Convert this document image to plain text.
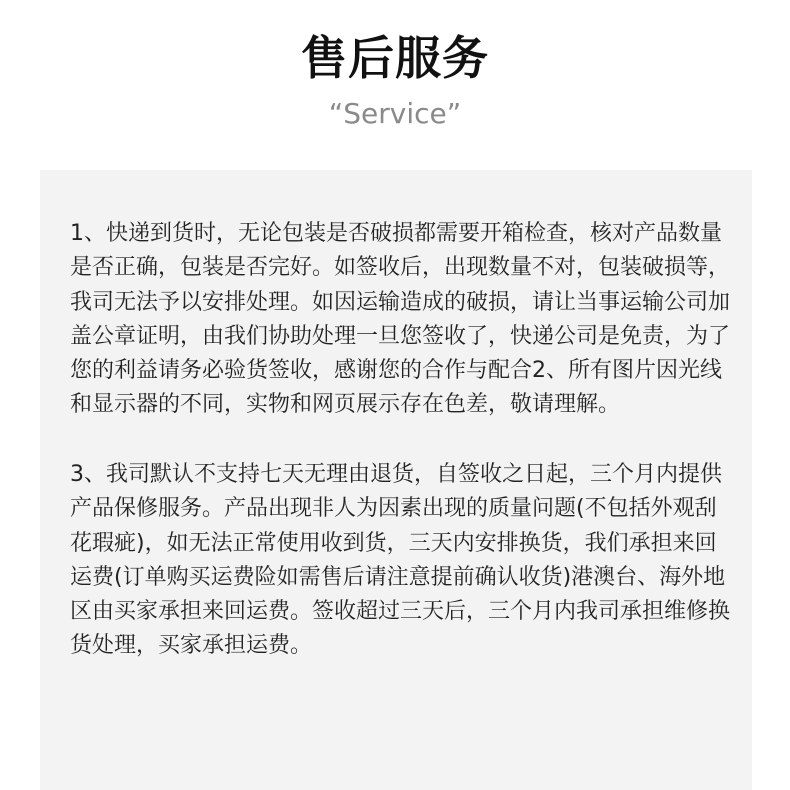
售后服务
“Service”

1、快递到货时，无论包装是否破损都需要开箱检查，核对产品数量是否正确，包装是否完好。如签收后，出现数量不对，包装破损等，我司无法予以安排处理。如因运输造成的破损，请让当事运输公司加盖公章证明，由我们协助处理一旦您签收了，快递公司是免责，为了您的利益请务必验货签收，感谢您的合作与配合2、所有图片因光线和显示器的不同，实物和网页展示存在色差，敬请理解。

3、我司默认不支持七天无理由退货，自签收之日起，三个月内提供产品保修服务。产品出现非人为因素出现的质量问题(不包括外观刮花瑕疵)，如无法正常使用收到货，三天内安排换货，我们承担来回运费(订单购买运费险如需售后请注意提前确认收货)港澳台、海外地区由买家承担来回运费。签收超过三天后，三个月内我司承担维修换货处理，买家承担运费。
